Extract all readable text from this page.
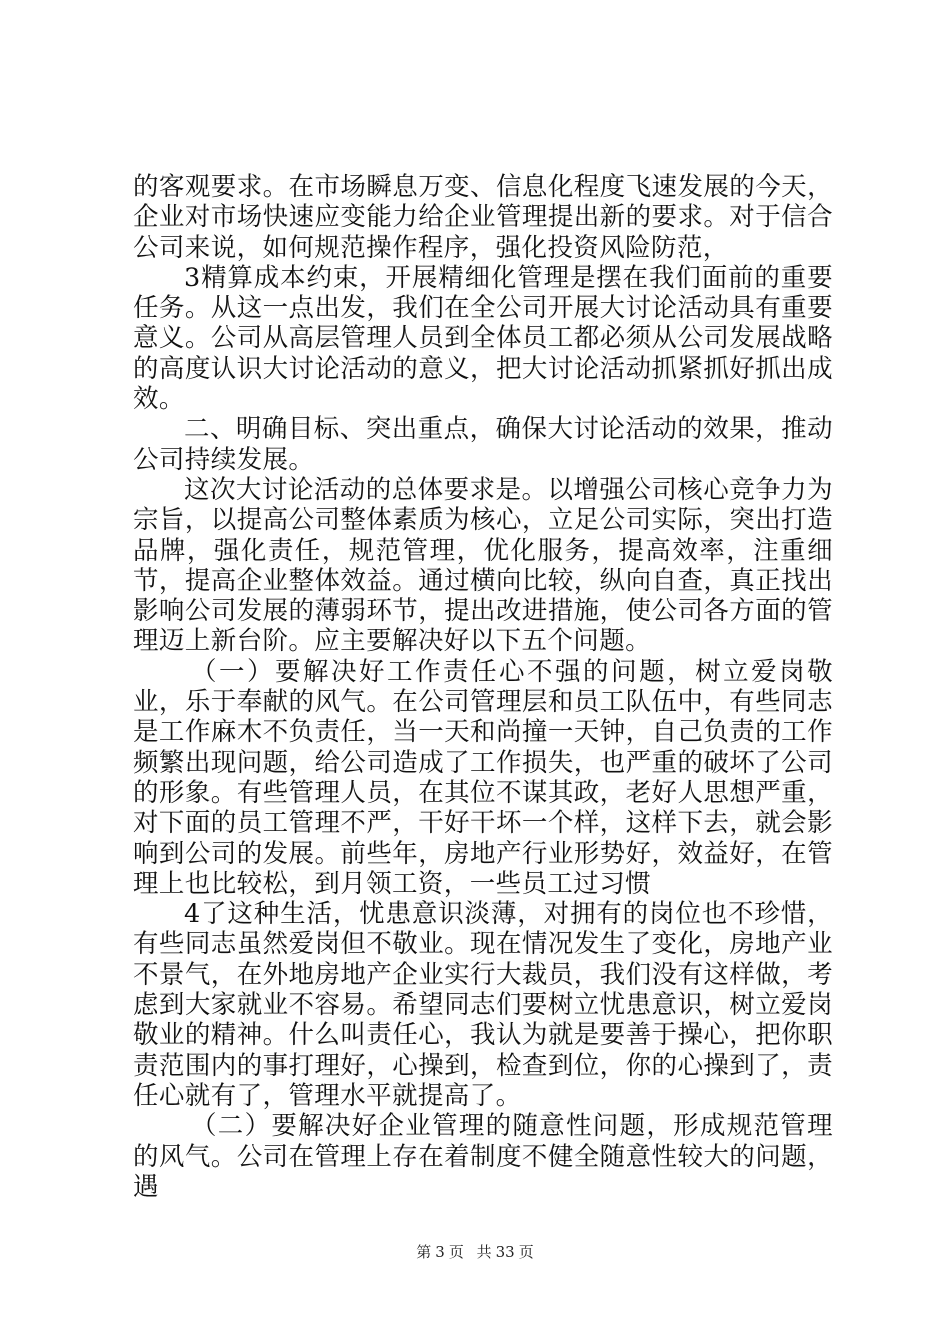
的客观要求。在市场瞬息万变、信息化程度飞速发展的今天，企业对市场快速应变能力给企业管理提出新的要求。对于信合公司来说，如何规范操作程序，强化投资风险防范，

3精算成本约束，开展精细化管理是摆在我们面前的重要任务。从这一点出发，我们在全公司开展大讨论活动具有重要意义。公司从高层管理人员到全体员工都必须从公司发展战略的高度认识大讨论活动的意义，把大讨论活动抓紧抓好抓出成效。

二、明确目标、突出重点，确保大讨论活动的效果，推动公司持续发展。

这次大讨论活动的总体要求是。以增强公司核心竞争力为宗旨，以提高公司整体素质为核心，立足公司实际，突出打造品牌，强化责任，规范管理，优化服务，提高效率，注重细节，提高企业整体效益。通过横向比较，纵向自查，真正找出影响公司发展的薄弱环节，提出改进措施，使公司各方面的管理迈上新台阶。应主要解决好以下五个问题。

（一）要解决好工作责任心不强的问题，树立爱岗敬业，乐于奉献的风气。在公司管理层和员工队伍中，有些同志是工作麻木不负责任，当一天和尚撞一天钟，自己负责的工作频繁出现问题，给公司造成了工作损失，也严重的破坏了公司的形象。有些管理人员，在其位不谋其政，老好人思想严重，对下面的员工管理不严，干好干坏一个样，这样下去，就会影响到公司的发展。前些年，房地产行业形势好，效益好，在管理上也比较松，到月领工资，一些员工过习惯

4了这种生活，忧患意识淡薄，对拥有的岗位也不珍惜，有些同志虽然爱岗但不敬业。现在情况发生了变化，房地产业不景气，在外地房地产企业实行大裁员，我们没有这样做，考虑到大家就业不容易。希望同志们要树立忧患意识，树立爱岗敬业的精神。什么叫责任心，我认为就是要善于操心，把你职责范围内的事打理好，心操到，检查到位，你的心操到了，责任心就有了，管理水平就提高了。

（二）要解决好企业管理的随意性问题，形成规范管理的风气。公司在管理上存在着制度不健全随意性较大的问题，遇

第 3 页 共 33 页
